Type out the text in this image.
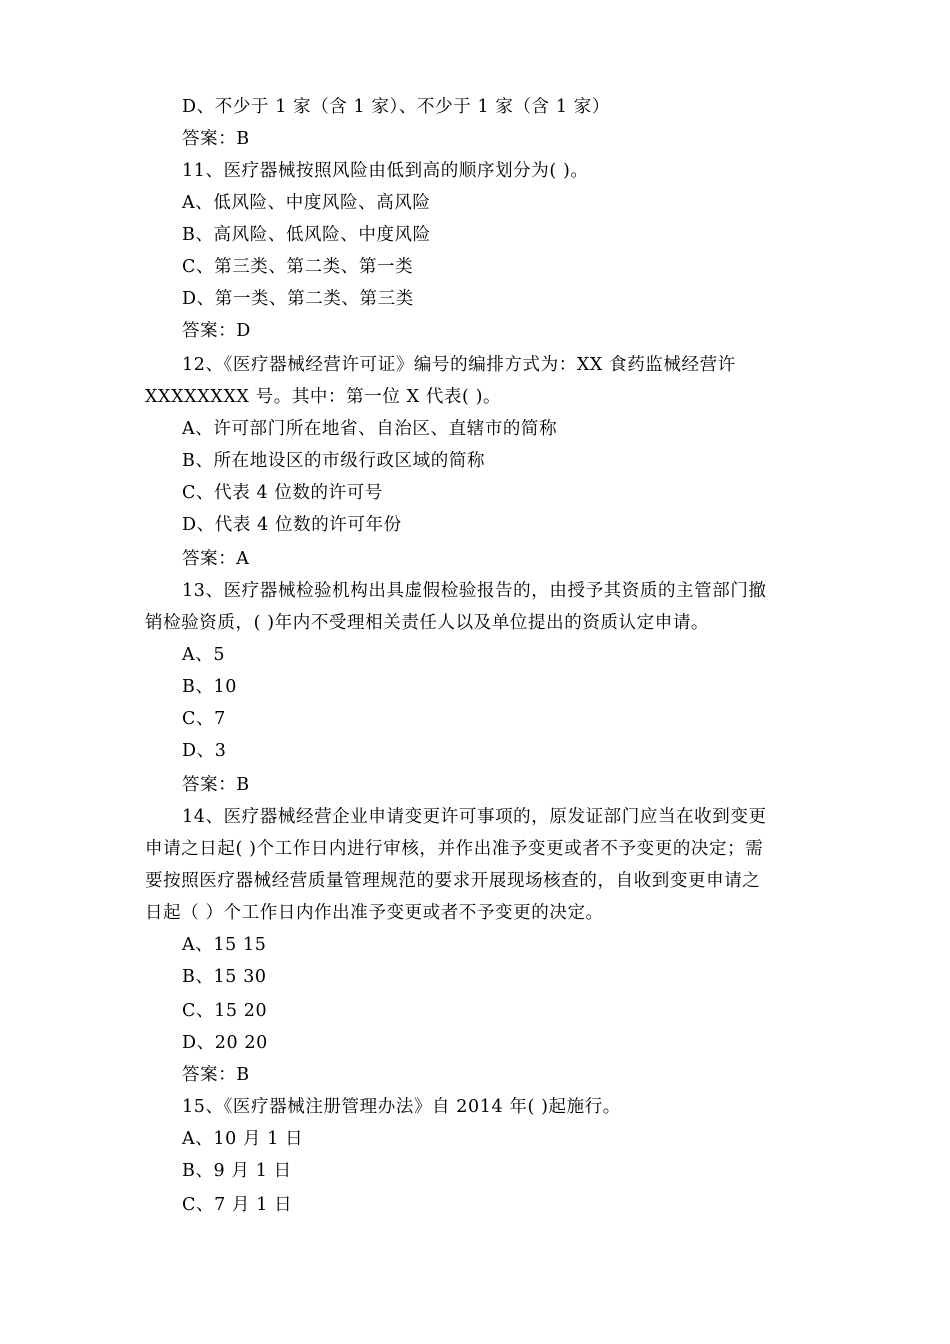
D、不少于 1 家（含 1 家）、不少于 1 家（含 1 家）
答案：B
11、医疗器械按照风险由低到高的顺序划分为( )。
A、低风险、中度风险、高风险
B、高风险、低风险、中度风险
C、第三类、第二类、第一类
D、第一类、第二类、第三类
答案：D
12、《医疗器械经营许可证》编号的编排方式为：XX 食药监械经营许
XXXXXXXX 号。其中：第一位 X 代表( )。
A、许可部门所在地省、自治区、直辖市的简称
B、所在地设区的市级行政区域的简称
C、代表 4 位数的许可号
D、代表 4 位数的许可年份
答案：A
13、医疗器械检验机构出具虚假检验报告的，由授予其资质的主管部门撤
销检验资质，( )年内不受理相关责任人以及单位提出的资质认定申请。
A、5
B、10
C、7
D、3
答案：B
14、医疗器械经营企业申请变更许可事项的，原发证部门应当在收到变更
申请之日起( )个工作日内进行审核，并作出准予变更或者不予变更的决定；需
要按照医疗器械经营质量管理规范的要求开展现场核查的，自收到变更申请之
日起（ ）个工作日内作出准予变更或者不予变更的决定。
A、15 15
B、15 30
C、15 20
D、20 20
答案：B
15、《医疗器械注册管理办法》自 2014 年( )起施行。
A、10 月 1 日
B、9 月 1 日
C、7 月 1 日
